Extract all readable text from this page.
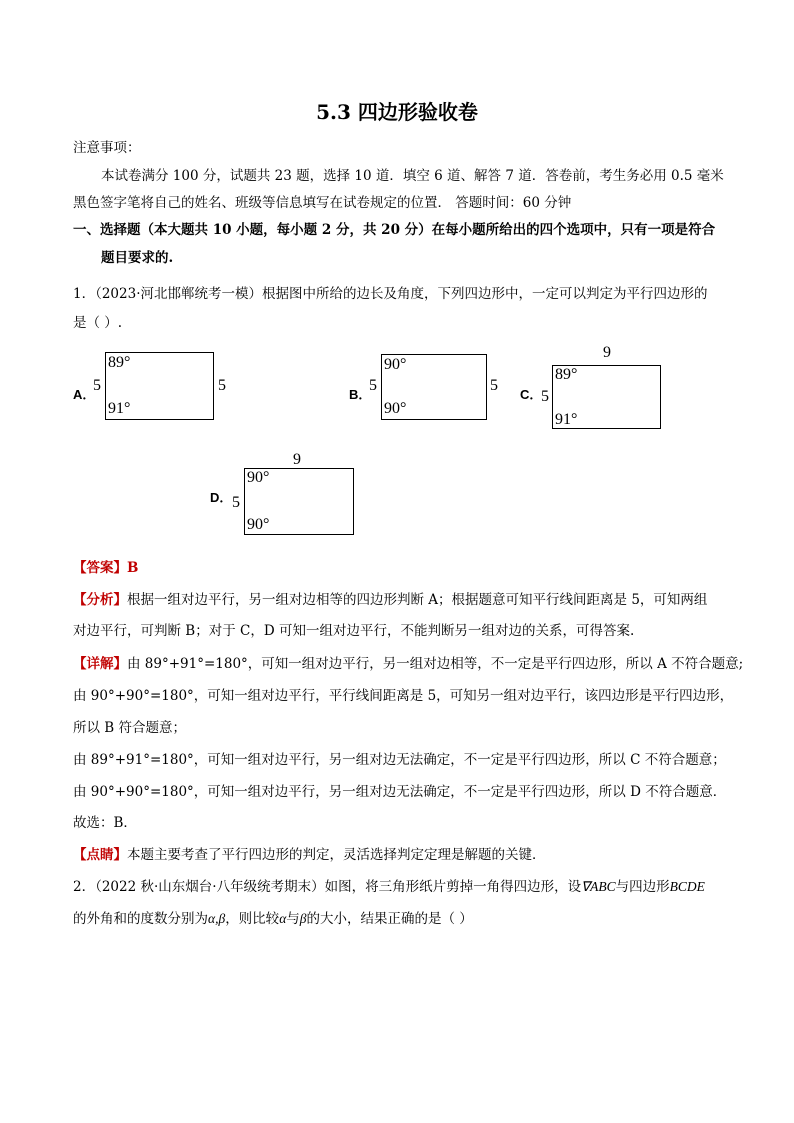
5.3 四边形验收卷
注意事项：
本试卷满分 100 分，试题共 23 题，选择 10 道．填空 6 道、解答 7 道．答卷前，考生务必用 0.5 毫米
黑色签字笔将自己的姓名、班级等信息填写在试卷规定的位置． 答题时间：60 分钟
一、选择题（本大题共 10 小题，每小题 2 分，共 20 分）在每小题所给出的四个选项中，只有一项是符合
题目要求的.
1．（2023·河北邯郸统考一模）根据图中所给的边长及角度，下列四边形中，一定可以判定为平行四边形的
是（ ）.
A．
5
89°
91°
5
B．
5
90°
90°
5
C．
9
5
89°
91°
D．
9
5
90°
90°
【答案】B
【分析】根据一组对边平行，另一组对边相等的四边形判断 A；根据题意可知平行线间距离是 5，可知两组
对边平行，可判断 B；对于 C，D 可知一组对边平行，不能判断另一组对边的关系，可得答案.
【详解】由 89°+91°=180°，可知一组对边平行，另一组对边相等，不一定是平行四边形，所以 A 不符合题意;
由 90°+90°=180°，可知一组对边平行，平行线间距离是 5，可知另一组对边平行，该四边形是平行四边形，
所以 B 符合题意；
由 89°+91°=180°，可知一组对边平行，另一组对边无法确定，不一定是平行四边形，所以 C 不符合题意；
由 90°+90°=180°，可知一组对边平行，另一组对边无法确定，不一定是平行四边形，所以 D 不符合题意．
故选：B．
【点睛】本题主要考查了平行四边形的判定，灵活选择判定定理是解题的关键．
2．（2022 秋·山东烟台·八年级统考期末）如图，将三角形纸片剪掉一角得四边形，设∇ABC与四边形BCDE
的外角和的度数分别为α,β，则比较α与β的大小，结果正确的是（ ）
